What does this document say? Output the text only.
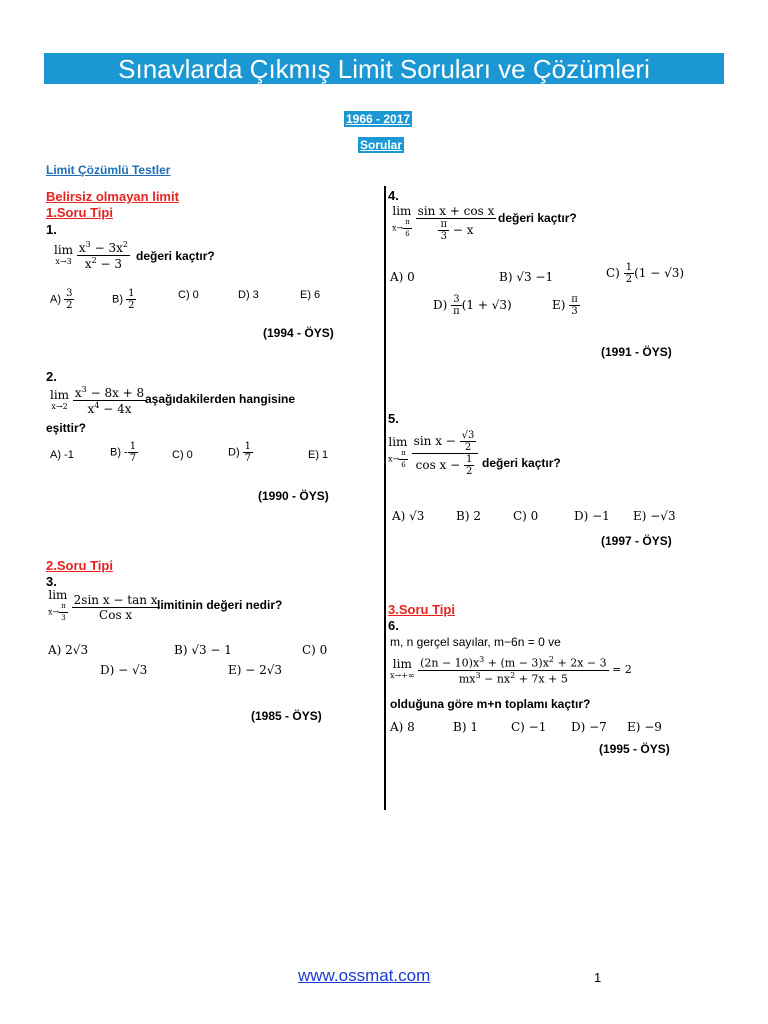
Sınavlarda Çıkmış Limit Soruları ve Çözümleri
1966 - 2017
Sorular
Limit Çözümlü Testler
Belirsiz olmayan limit
1.Soru Tipi
1.
lim
x→3
$\frac{x^3 - 3x^2}{x^2 - 3}$ değeri kaçtır?
$A) \frac{3}{2}$	$B) \frac{1}{2}$	C) 0	D) 3	E) 6
(1994 - ÖYS)
2.
lim
x→2
$\frac{x^3 - 8x + 8}{x^4 - 4x}$
aşağıdakilerden hangisine
eşittir?
A) -1	$B) - \frac{1}{7}$	C) 0	$D) \frac{1}{7}$	E) 1
(1990 - ÖYS)
2.Soru Tipi
3.
lim
$x\to \frac{\pi}{3}$
$\frac{\text{2sin x − tan x}}{\text{Cos x}}$
limitinin değeri nedir?
A) 2√3	B) √3 − 1	C) 0
D) − √3	E) − 2√3
(1985 - ÖYS)
4.
lim
$x\to \frac{\pi}{6}$
$\frac{\text{sin x + cos x}}{\frac{\pi}{3} - x}$ değeri kaçtır?
A) 0	B) √3 −1	$C) \frac{1}{2} (1 - √3)$
$D) \frac{3}{\pi} (1 + √3)$	$E) \frac{\pi}{3}$
(1991 - ÖYS)
5.
lim
$x\to \frac{\pi}{6}$
$\frac{\sin x - \frac{√3}{2}}{\cos x - \frac{1}{2}}$ değeri kaçtır?
A) √3	B) 2	C) 0	D) −1 E) −√3
(1997 - ÖYS)
3.Soru Tipi
6.
m, n gerçel sayılar, m−6n = 0 ve
lim
x→+∞
$\frac{(2n - 10)x^3 + (m - 3)x^2 + 2x - 3}{mx^3 - nx^2 + 7x + 5} = 2$
olduğuna göre m+n toplamı kaçtır?
A) 8	B) 1	C) −1 D) −7 E) −9
(1995 - ÖYS)
www.ossmat.com	1
